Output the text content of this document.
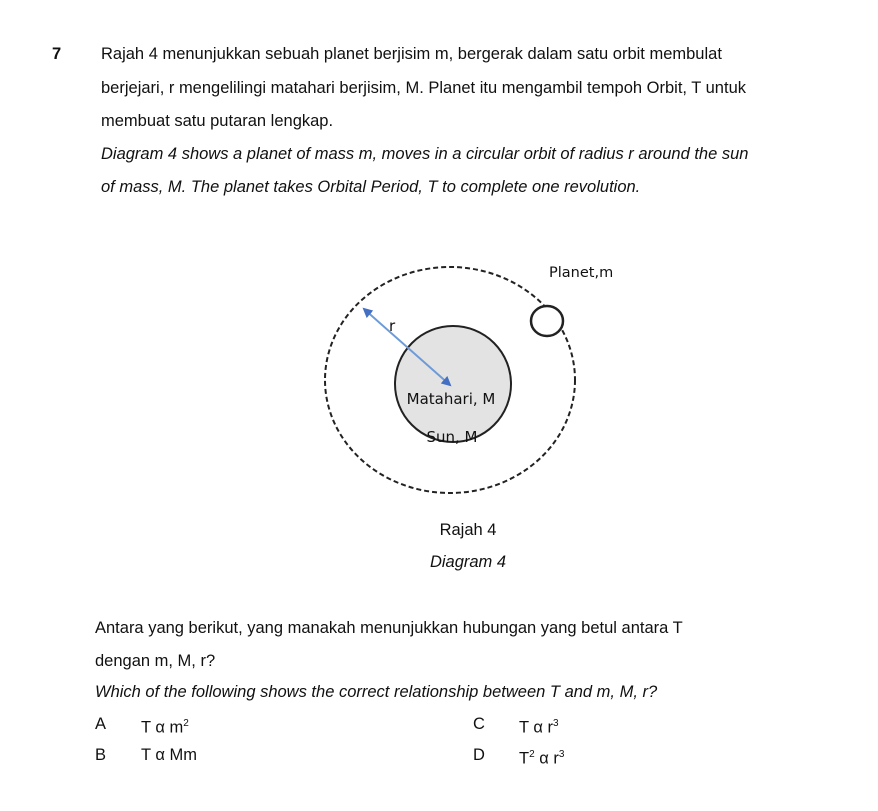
7 Rajah 4 menunjukkan sebuah planet berjisim m, bergerak dalam satu orbit membulat
berjejari, r mengelilingi matahari berjisim, M. Planet itu mengambil tempoh Orbit, T untuk
membuat satu putaran lengkap.
Diagram 4 shows a planet of mass m, moves in a circular orbit of radius r around the sun
of mass, M. The planet takes Orbital Period, T to complete one revolution.
Planet,m
r
Matahari, M
Sun, M
Rajah 4
Diagram 4
Antara yang berikut, yang manakah menunjukkan hubungan yang betul antara T
dengan m, M, r?
Which of the following shows the correct relationship between T and m, M, r?
A T α $m^2$
B T α Mm
C T α $r^3$
D $T^2$ α $r^3$
